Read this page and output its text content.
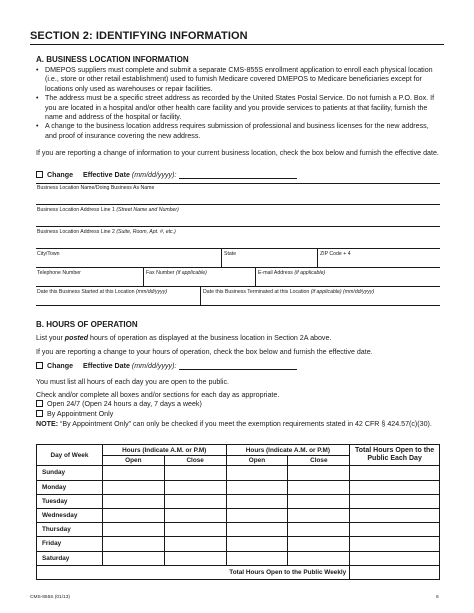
SECTION 2: IDENTIFYING INFORMATION
A. BUSINESS LOCATION INFORMATION

• DMEPOS suppliers must complete and submit a separate CMS-855S enrollment application to enroll each physical location (i.e., store or other retail establishment) used to furnish Medicare covered DMEPOS to Medicare beneficiaries except for locations only used as warehouses or repair facilities.

• The address must be a specific street address as recorded by the United States Postal Service. Do not furnish a P.O. Box. If you are located in a hospital and/or other health care facility and you provide services to patients at that facility, furnish the name and address of the hospital or facility.

• A change to the business location address requires submission of professional and business licenses for the new address, and proof of insurance covering the new address.

If you are reporting a change of information to your current business location, check the box below and furnish the effective date.
Change Effective Date (mm/dd/yyyy):
Business Location Name/Doing Business As Name
Business Location Address Line 1 (Street Name and Number)
Business Location Address Line 2 (Suite, Room, Apt. #, etc.)
City/Town	State	ZIP Code + 4
Telephone Number	Fax Number (if applicable)	E-mail Address (if applicable)
Date this Business Started at this Location (mm/dd/yyyy)	Date this Business Terminated at this Location (if applicable) (mm/dd/yyyy)
B. HOURS OF OPERATION
List your posted hours of operation as displayed at the business location in Section 2A above.
If you are reporting a change to your hours of operation, check the box below and furnish the effective date.
Change Effective Date (mm/dd/yyyy):
You must list all hours of each day you are open to the public.
Check and/or complete all boxes and/or sections for each day as appropriate.
Open 24/7 (Open 24 hours a day, 7 days a week)
By Appointment Only
NOTE: “By Appointment Only” can only be checked if you meet the exemption requirements stated in 42 CFR § 424.57(c)(30).
Day of Week	Hours (Indicate A.M. or P.M)		Hours (Indicate A.M. or P.M)		Total Hours Open to the Public Each Day
	Open	Close	Open	Close	
Sunday					
Monday					
Tuesday					
Wednesday					
Thursday					
Friday					
Saturday					
Total Hours Open to the Public Weekly					
CMS-855S (01/13)	6
